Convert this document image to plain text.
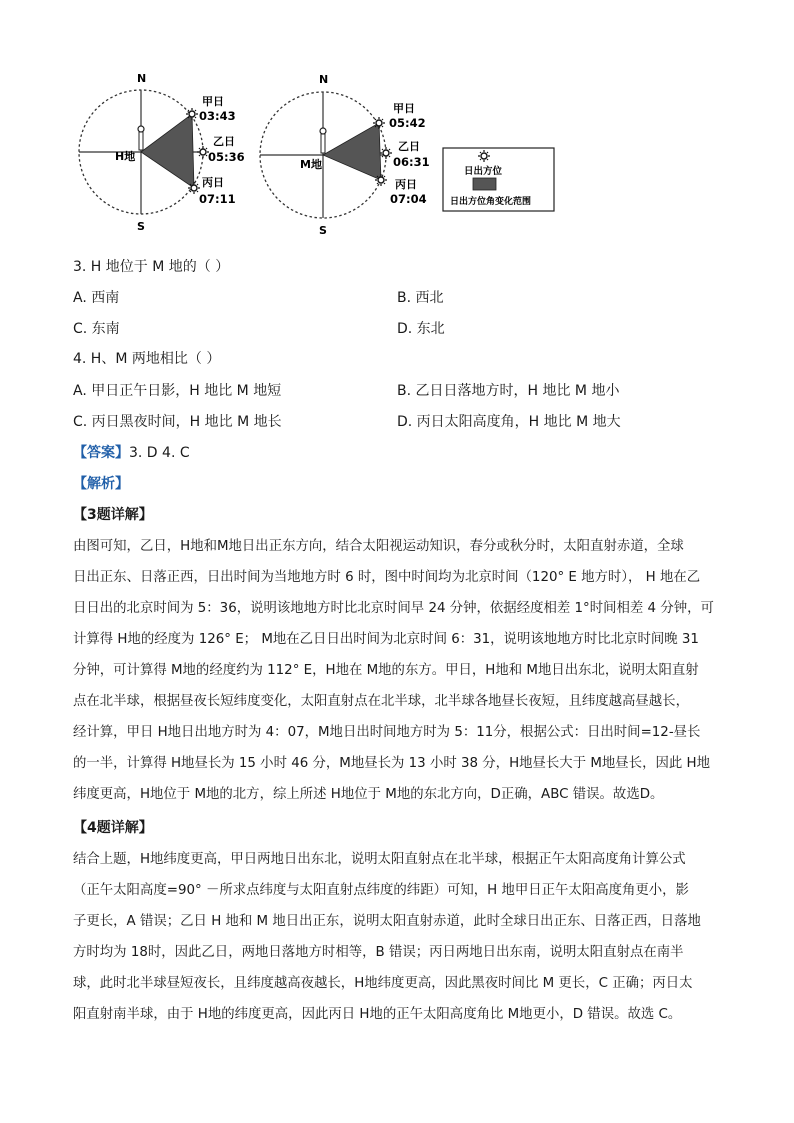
N
S
H地
甲日
03:43
乙日
05:36
丙日
07:11
N
S
M地
甲日
05:42
乙日
06:31
丙日
07:04
日出方位
日出方位角变化范围
3. H 地位于 M 地的（ ）
A. 西南	B. 西北
C. 东南	D. 东北
4. H、M 两地相比（ ）
A. 甲日正午日影，H 地比 M 地短	B. 乙日日落地方时，H 地比 M 地小
C. 丙日黑夜时间，H 地比 M 地长	D. 丙日太阳高度角，H 地比 M 地大
【答案】3. D 4. C
【解析】
【3题详解】
由图可知，乙日，H地和M地日出正东方向，结合太阳视运动知识，春分或秋分时，太阳直射赤道，全球
日出正东、日落正西，日出时间为当地地方时 6 时，图中时间均为北京时间（120° E 地方时）， H 地在乙
日日出的北京时间为 5：36，说明该地地方时比北京时间早 24 分钟，依据经度相差 1°时间相差 4 分钟，可
计算得 H地的经度为 126° E； M地在乙日日出时间为北京时间 6：31，说明该地地方时比北京时间晚 31
分钟，可计算得 M地的经度约为 112° E，H地在 M地的东方。甲日，H地和 M地日出东北，说明太阳直射
点在北半球，根据昼夜长短纬度变化，太阳直射点在北半球，北半球各地昼长夜短，且纬度越高昼越长，
经计算，甲日 H地日出地方时为 4：07，M地日出时间地方时为 5：11分，根据公式：日出时间=12-昼长
的一半，计算得 H地昼长为 15 小时 46 分，M地昼长为 13 小时 38 分，H地昼长大于 M地昼长，因此 H地
纬度更高，H地位于 M地的北方，综上所述 H地位于 M地的东北方向，D正确，ABC 错误。故选D。
【4题详解】
结合上题，H地纬度更高，甲日两地日出东北，说明太阳直射点在北半球，根据正午太阳高度角计算公式
（正午太阳高度=90° －所求点纬度与太阳直射点纬度的纬距）可知，H 地甲日正午太阳高度角更小，影
子更长，A 错误；乙日 H 地和 M 地日出正东，说明太阳直射赤道，此时全球日出正东、日落正西，日落地
方时均为 18时，因此乙日，两地日落地方时相等，B 错误；丙日两地日出东南，说明太阳直射点在南半
球，此时北半球昼短夜长，且纬度越高夜越长，H地纬度更高，因此黑夜时间比 M 更长，C 正确；丙日太
阳直射南半球，由于 H地的纬度更高，因此丙日 H地的正午太阳高度角比 M地更小，D 错误。故选 C。
